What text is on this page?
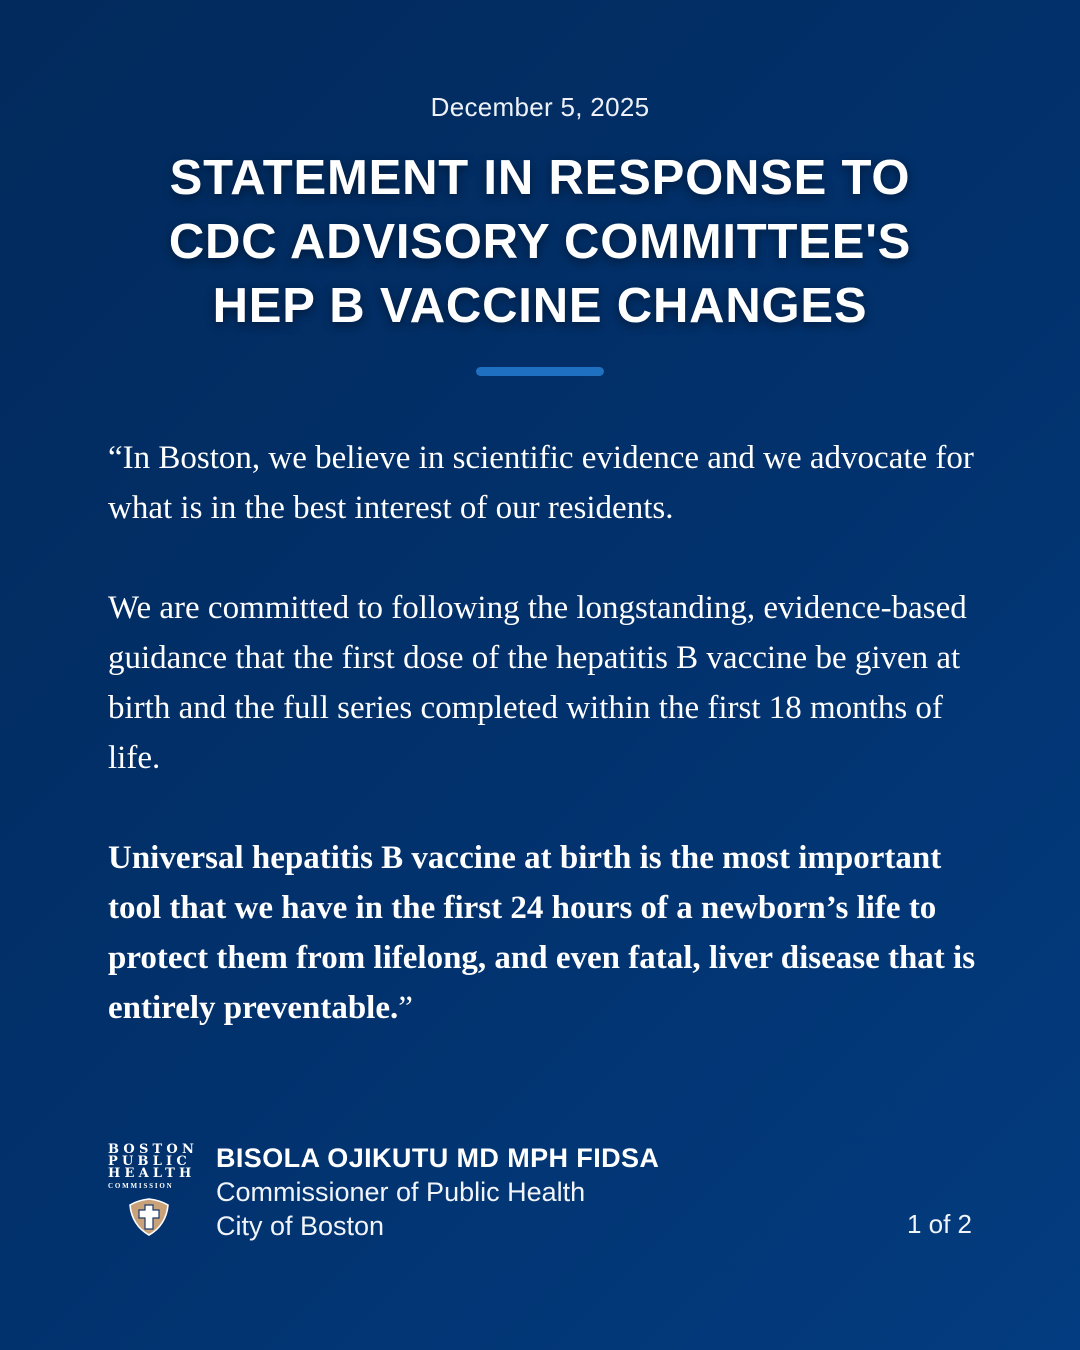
December 5, 2025
STATEMENT IN RESPONSE TO
CDC ADVISORY COMMITTEE'S
HEP B VACCINE CHANGES

“In Boston, we believe in scientific evidence and we advocate for what is in the best interest of our residents.

We are committed to following the longstanding, evidence-based guidance that the first dose of the hepatitis B vaccine be given at birth and the full series completed within the first 18 months of life.

Universal hepatitis B vaccine at birth is the most important tool that we have in the first 24 hours of a newborn’s life to protect them from lifelong, and even fatal, liver disease that is entirely preventable.”

BOSTON
PUBLIC
HEALTH
COMMISSION
BISOLA OJIKUTU MD MPH FIDSA
Commissioner of Public Health
City of Boston	1 of 2
